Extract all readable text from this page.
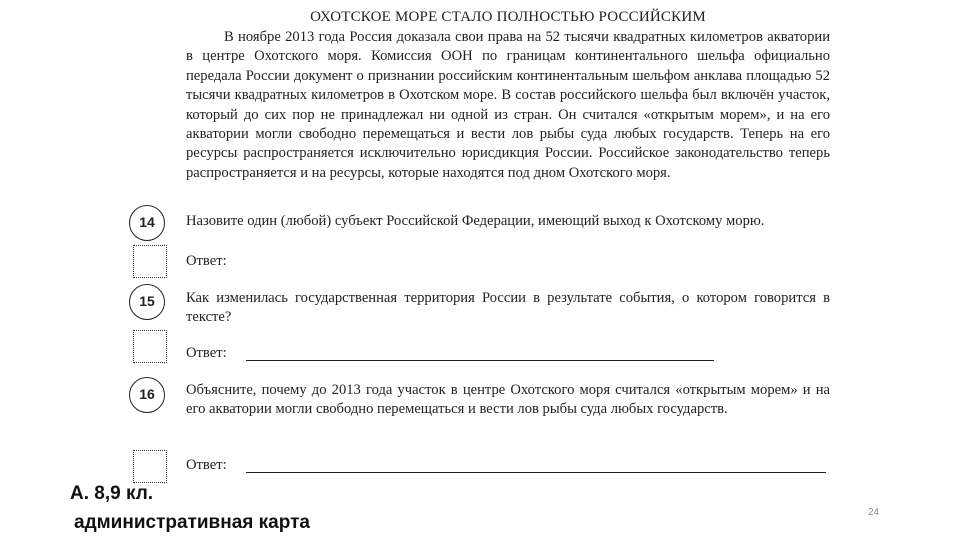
ОХОТСКОЕ МОРЕ СТАЛО ПОЛНОСТЬЮ РОССИЙСКИМ
В ноябре 2013 года Россия доказала свои права на 52 тысячи квадратных километров акватории в центре Охотского моря. Комиссия ООН по границам континентального шельфа официально передала России документ о признании российским континентальным шельфом анклава площадью 52 тысячи квадратных километров в Охотском море. В состав российского шельфа был включён участок, который до сих пор не принадлежал ни одной из стран. Он считался «открытым морем», и на его акватории могли свободно перемещаться и вести лов рыбы суда любых государств. Теперь на его ресурсы распространяется исключительно юрисдикция России. Российское законодательство теперь распространяется и на ресурсы, которые находятся под дном Охотского моря.
14	Назовите один (любой) субъект Российской Федерации, имеющий выход к Охотскому морю.
Ответ:
15	Как изменилась государственная территория России в результате события, о котором говорится в тексте?
Ответ:
16	Объясните, почему до 2013 года участок в центре Охотского моря считался «открытым морем» и на его акватории могли свободно перемещаться и вести лов рыбы суда любых государств.
Ответ:
А. 8,9 кл.
административная карта	24
